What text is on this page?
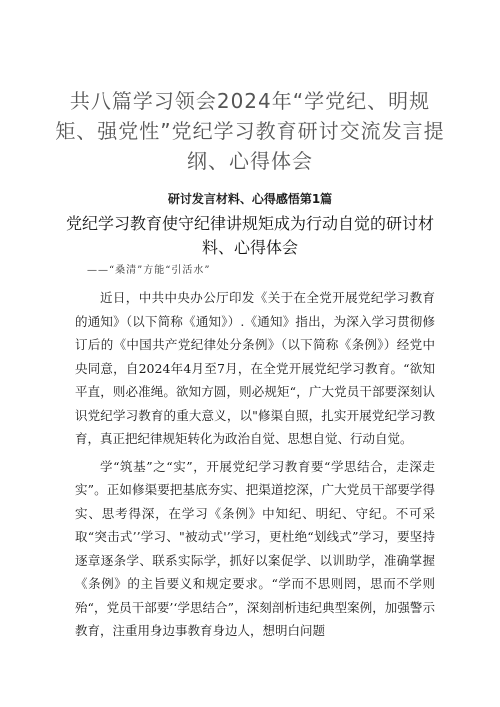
共八篇学习领会2024年“学党纪、明规矩、强党性”党纪学习教育研讨交流发言提纲、心得体会

研讨发言材料、心得感悟第1篇

党纪学习教育使守纪律讲规矩成为行动自觉的研讨材料、心得体会

——“桑清”方能“引活水”

近日，中共中央办公厅印发《关于在全党开展党纪学习教育的通知》（以下简称《通知》）.《通知》指出，为深入学习贯彻修订后的《中国共产党纪律处分条例》（以下简称《条例》）经党中央同意，自2024年4月至7月，在全党开展党纪学习教育。“欲知平直，则必准绳。欲知方圆，则必规矩“，广大党员干部要深刻认识党纪学习教育的重大意义，以"修渠自照，扎实开展党纪学习教育，真正把纪律规矩转化为政治自觉、思想自觉、行动自觉。

学“筑基”之“实”，开展党纪学习教育要“学思结合，走深走实”。正如修渠要把基底夯实、把渠道挖深，广大党员干部要学得实、思考得深，在学习《条例》中知纪、明纪、守纪。不可采取“突击式’’学习、"被动式'’学习，更杜绝“划线式”学习，要坚持逐章逐条学、联系实际学，抓好以案促学、以训助学，准确掌握《条例》的主旨要义和规定要求。“学而不思则罔，思而不学则殆“，党员干部要’‘学思结合”，深刻剖析违纪典型案例，加强警示教育，注重用身边事教育身边人，想明白问题
